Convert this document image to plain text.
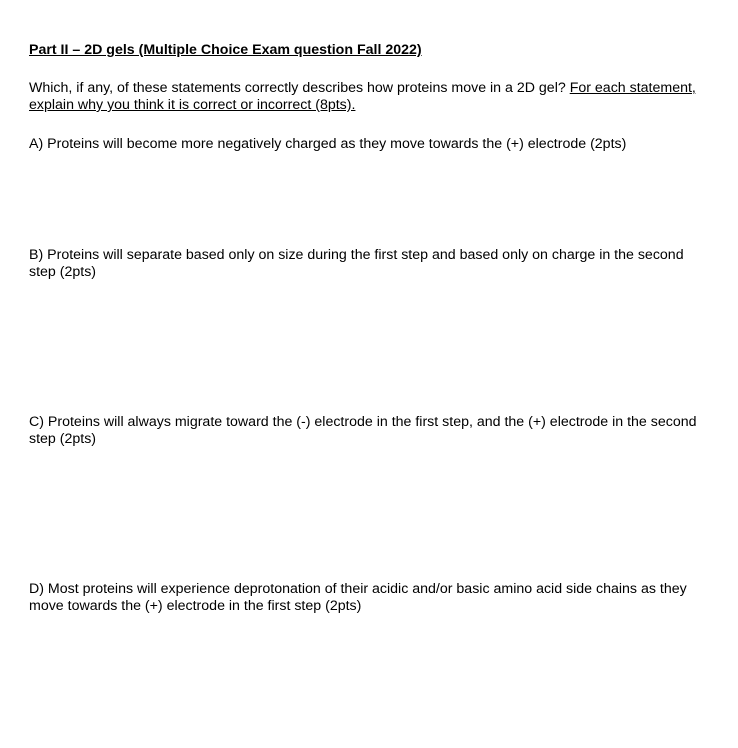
Part II – 2D gels (Multiple Choice Exam question Fall 2022)

Which, if any, of these statements correctly describes how proteins move in a 2D gel? For each statement, explain why you think it is correct or incorrect (8pts).

A) Proteins will become more negatively charged as they move towards the (+) electrode (2pts)

B) Proteins will separate based only on size during the first step and based only on charge in the second step (2pts)

C) Proteins will always migrate toward the (-) electrode in the first step, and the (+) electrode in the second step (2pts)

D) Most proteins will experience deprotonation of their acidic and/or basic amino acid side chains as they move towards the (+) electrode in the first step (2pts)
